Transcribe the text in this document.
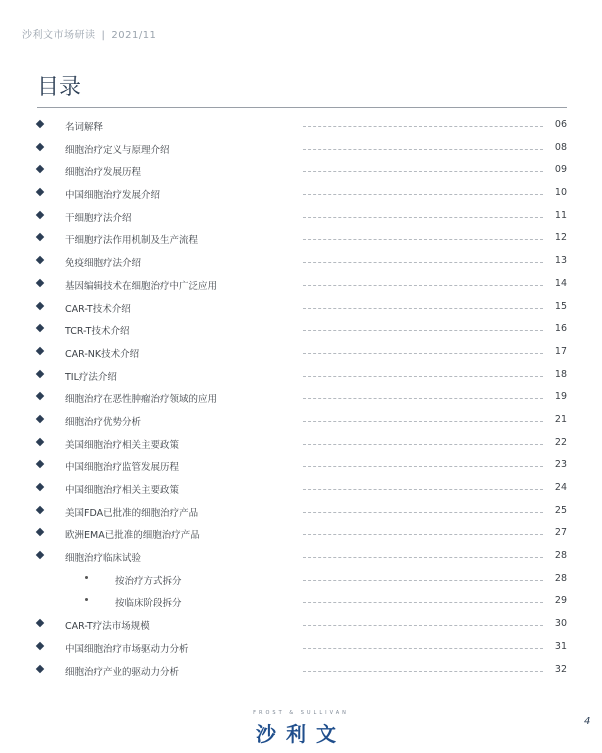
沙利文市场研读 | 2021/11
目录
名词解释	06
细胞治疗定义与原理介绍	08
细胞治疗发展历程	09
中国细胞治疗发展介绍	10
干细胞疗法介绍	11
干细胞疗法作用机制及生产流程	12
免疫细胞疗法介绍	13
基因编辑技术在细胞治疗中广泛应用	14
CAR-T技术介绍	15
TCR-T技术介绍	16
CAR-NK技术介绍	17
TIL疗法介绍	18
细胞治疗在恶性肿瘤治疗领域的应用	19
细胞治疗优势分析	21
美国细胞治疗相关主要政策	22
中国细胞治疗监管发展历程	23
中国细胞治疗相关主要政策	24
美国FDA已批准的细胞治疗产品	25
欧洲EMA已批准的细胞治疗产品	27
细胞治疗临床试验	28
按治疗方式拆分	28
按临床阶段拆分	29
CAR-T疗法市场规模	30
中国细胞治疗市场驱动力分析	31
细胞治疗产业的驱动力分析	32
FROST & SULLIVAN
沙利文
4
